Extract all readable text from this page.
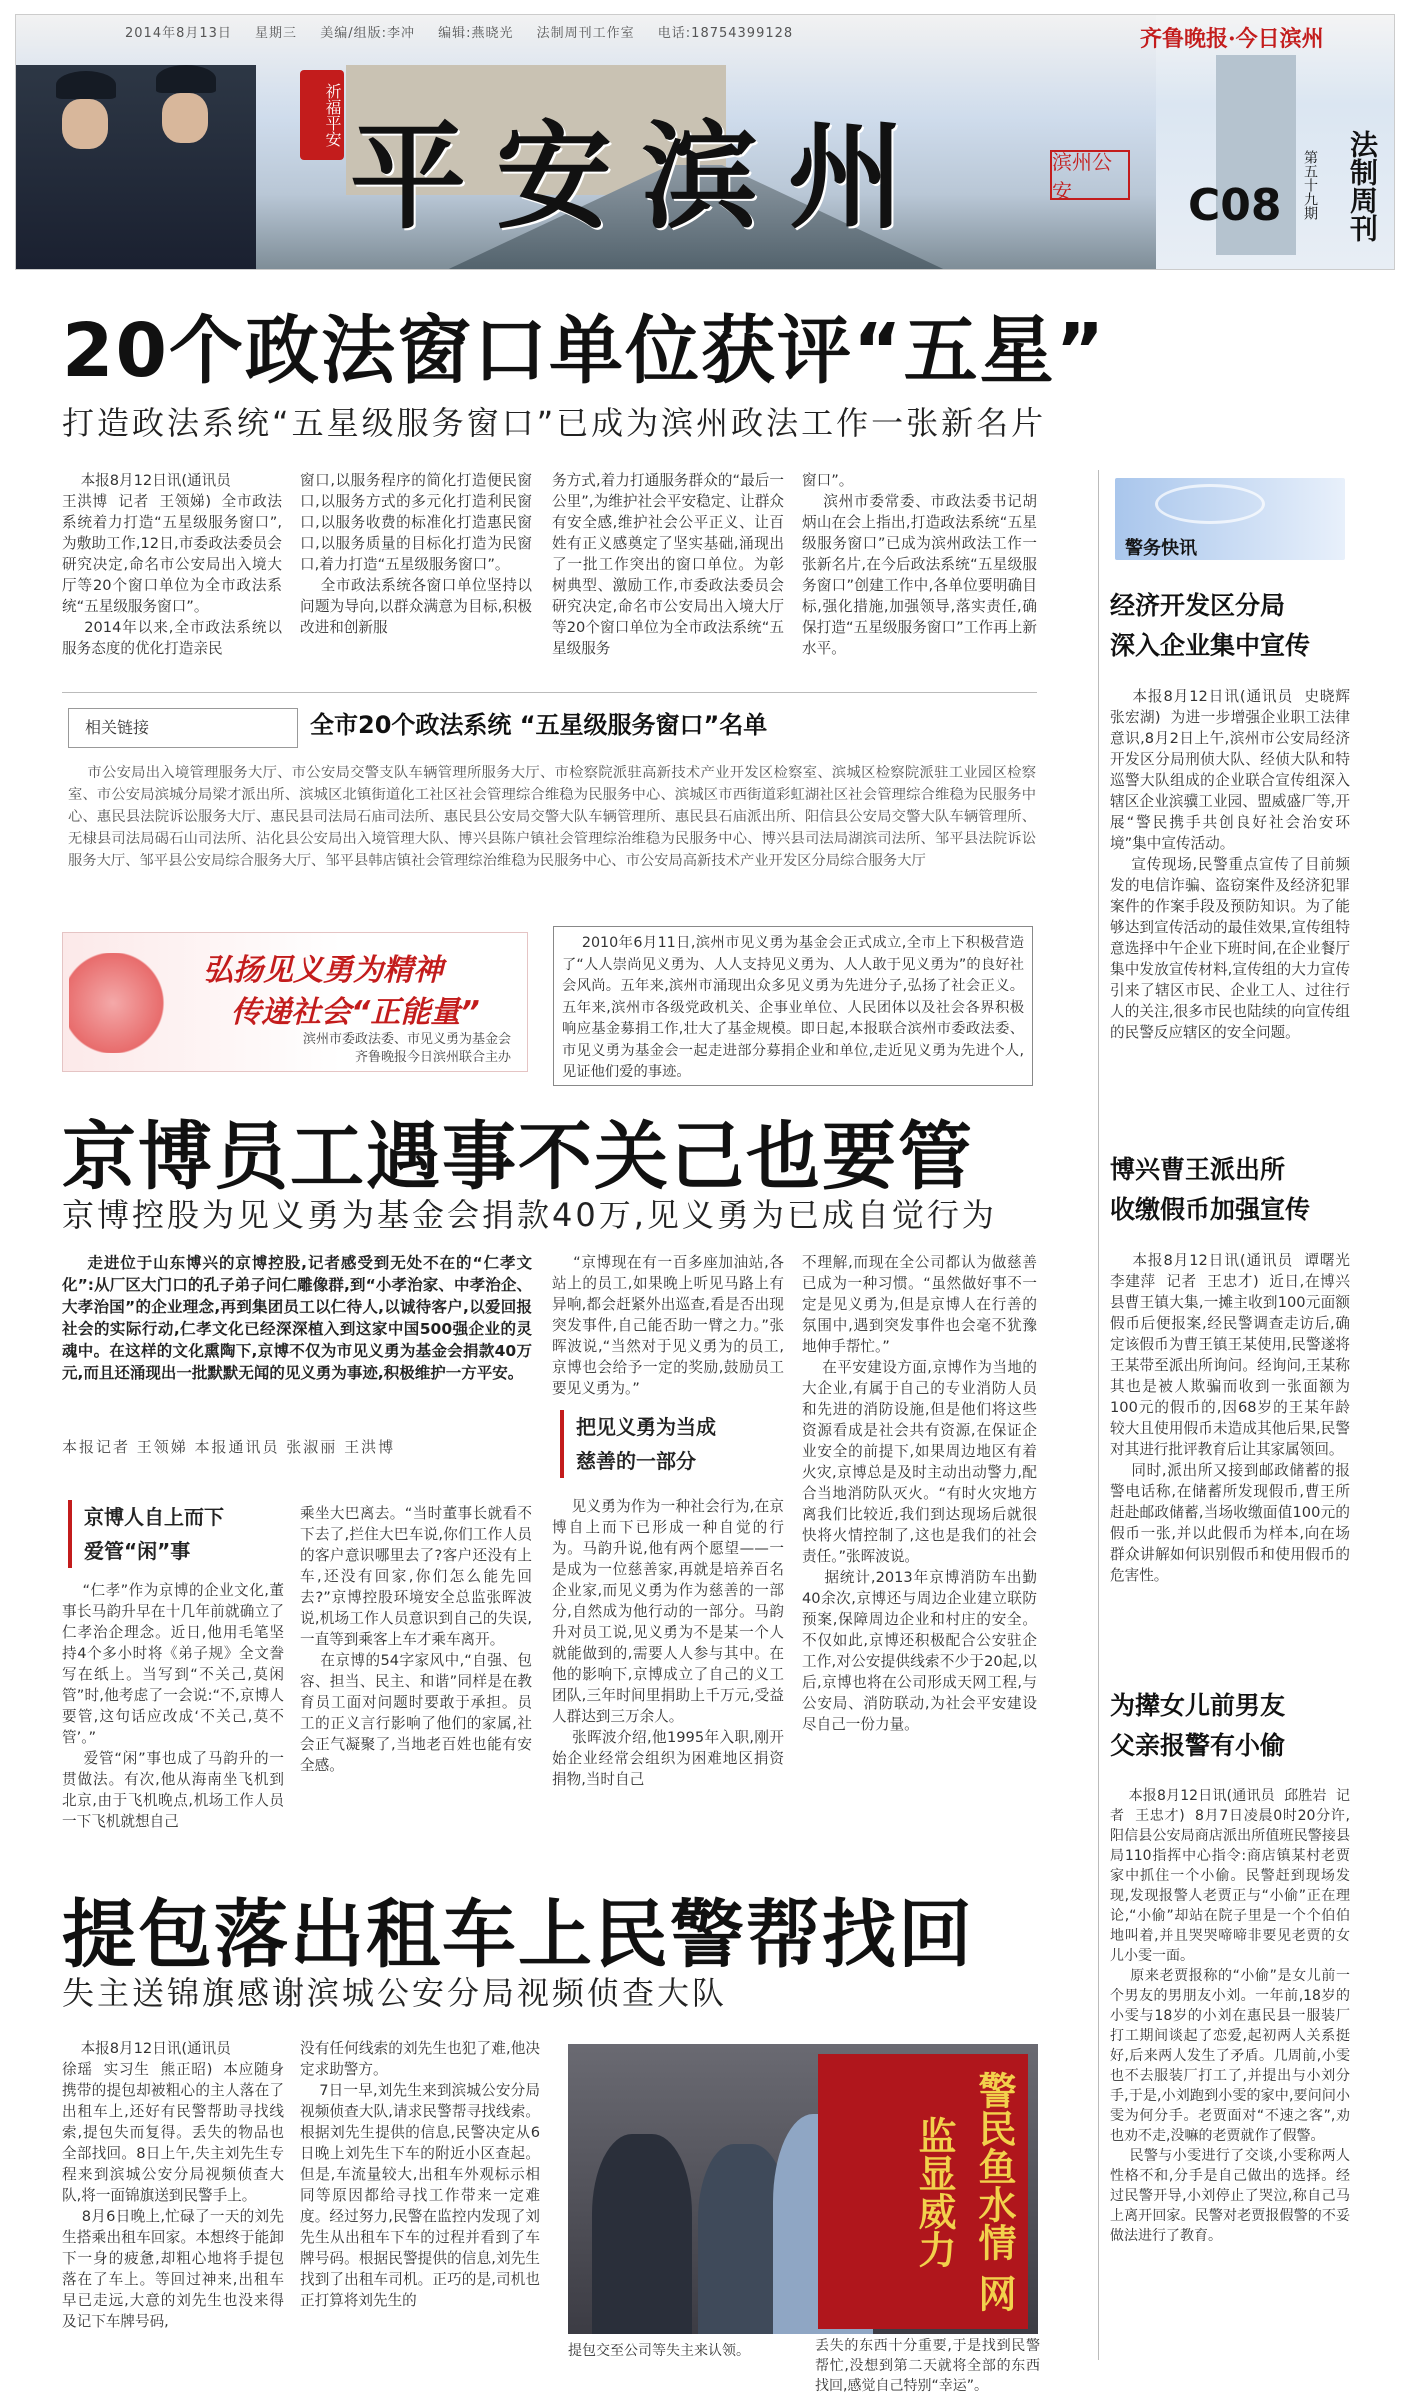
2014年8月13日 星期三 美编/组版:李冲 编辑:燕晓光 法制周刊工作室 电话:18754399128
祈福平安 平安滨州	滨州公安
齐鲁晚报·今日滨州
C08 第五十九期	法制周刊
20个政法窗口单位获评“五星”
打造政法系统“五星级服务窗口”已成为滨州政法工作一张新名片
本报8月12日讯(通讯员
王洪博  记者  王领娣)  全市政法系统着力打造“五星级服务窗口”,为敷助工作,12日,市委政法委员会研究决定,命名市公安局出入境大厅等20个窗口单位为全市政法系统“五星级服务窗口”。
2014年以来,全市政法系统以服务态度的优化打造亲民
窗口,以服务程序的简化打造便民窗口,以服务方式的多元化打造利民窗口,以服务收费的标准化打造惠民窗口,以服务质量的目标化打造为民窗口,着力打造“五星级服务窗口”。
全市政法系统各窗口单位坚持以问题为导向,以群众满意为目标,积极改进和创新服
务方式,着力打通服务群众的“最后一公里”,为维护社会平安稳定、让群众有安全感,维护社会公平正义、让百姓有正义感奠定了坚实基础,涌现出了一批工作突出的窗口单位。为彰树典型、激励工作,市委政法委员会研究决定,命名市公安局出入境大厅等20个窗口单位为全市政法系统“五星级服务
窗口”。
滨州市委常委、市政法委书记胡炳山在会上指出,打造政法系统“五星级服务窗口”已成为滨州政法工作一张新名片,在今后政法系统“五星级服务窗口”创建工作中,各单位要明确目标,强化措施,加强领导,落实责任,确保打造“五星级服务窗口”工作再上新水平。
相关链接	全市20个政法系统 “五星级服务窗口”名单
市公安局出入境管理服务大厅、市公安局交警支队车辆管理所服务大厅、市检察院派驻高新技术产业开发区检察室、滨城区检察院派驻工业园区检察室、市公安局滨城分局梁才派出所、滨城区北镇街道化工社区社会管理综合维稳为民服务中心、滨城区市西街道彩虹湖社区社会管理综合维稳为民服务中心、惠民县法院诉讼服务大厅、惠民县司法局石庙司法所、惠民县公安局交警大队车辆管理所、惠民县石庙派出所、阳信县公安局交警大队车辆管理所、无棣县司法局碣石山司法所、沾化县公安局出入境管理大队、博兴县陈户镇社会管理综治维稳为民服务中心、博兴县司法局湖滨司法所、邹平县法院诉讼服务大厅、邹平县公安局综合服务大厅、邹平县韩店镇社会管理综治维稳为民服务中心、市公安局高新技术产业开发区分局综合服务大厅
弘扬见义勇为精神
传递社会“正能量”
滨州市委政法委、市见义勇为基金会
齐鲁晚报今日滨州联合主办
2010年6月11日,滨州市见义勇为基金会正式成立,全市上下积极营造了“人人崇尚见义勇为、人人支持见义勇为、人人敢于见义勇为”的良好社会风尚。五年来,滨州市涌现出众多见义勇为先进分子,弘扬了社会正义。五年来,滨州市各级党政机关、企事业单位、人民团体以及社会各界积极响应基金募捐工作,壮大了基金规模。即日起,本报联合滨州市委政法委、市见义勇为基金会一起走进部分募捐企业和单位,走近见义勇为先进个人,见证他们爱的事迹。
京博员工遇事不关己也要管
京博控股为见义勇为基金会捐款40万,见义勇为已成自觉行为
走进位于山东博兴的京博控股,记者感受到无处不在的“仁孝文化”:从厂区大门口的孔子弟子问仁雕像群,到“小孝治家、中孝治企、大孝治国”的企业理念,再到集团员工以仁待人,以诚待客户,以爱回报社会的实际行动,仁孝文化已经深深植入到这家中国500强企业的灵魂中。在这样的文化熏陶下,京博不仅为市见义勇为基金会捐款40万元,而且还涌现出一批默默无闻的见义勇为事迹,积极维护一方平安。
本报记者 王领娣 本报通讯员 张淑丽 王洪博
京博人自上而下
爱管“闲”事
“仁孝”作为京博的企业文化,董事长马韵升早在十几年前就确立了仁孝治企理念。近日,他用毛笔坚持4个多小时将《弟子规》全文誊写在纸上。当写到“不关己,莫闲管”时,他考虑了一会说:“不,京博人要管,这句话应改成‘不关己,莫不管’。”
爱管“闲”事也成了马韵升的一贯做法。有次,他从海南坐飞机到北京,由于飞机晚点,机场工作人员一下飞机就想自己
乘坐大巴离去。“当时董事长就看不下去了,拦住大巴车说,你们工作人员的客户意识哪里去了?客户还没有上车,还没有回家,你们怎么能先回去?”京博控股环境安全总监张晖波说,机场工作人员意识到自己的失误,一直等到乘客上车才乘车离开。
在京博的54字家风中,“自强、包容、担当、民主、和谐”同样是在教育员工面对问题时要敢于承担。员工的正义言行影响了他们的家属,社会正气凝聚了,当地老百姓也能有安全感。
“京博现在有一百多座加油站,各站上的员工,如果晚上听见马路上有异响,都会赶紧外出巡查,看是否出现突发事件,自己能否助一臂之力。”张晖波说,“当然对于见义勇为的员工,京博也会给予一定的奖励,鼓励员工要见义勇为。”
把见义勇为当成
慈善的一部分
见义勇为作为一种社会行为,在京博自上而下已形成一种自觉的行为。马韵升说,他有两个愿望——一是成为一位慈善家,再就是培养百名企业家,而见义勇为作为慈善的一部分,自然成为他行动的一部分。马韵升对员工说,见义勇为不是某一个人就能做到的,需要人人参与其中。在他的影响下,京博成立了自己的义工团队,三年时间里捐助上千万元,受益人群达到三万余人。
张晖波介绍,他1995年入职,刚开始企业经常会组织为困难地区捐资捐物,当时自己
不理解,而现在全公司都认为做慈善已成为一种习惯。“虽然做好事不一定是见义勇为,但是京博人在行善的氛围中,遇到突发事件也会毫不犹豫地伸手帮忙。”
在平安建设方面,京博作为当地的大企业,有属于自己的专业消防人员和先进的消防设施,但是他们将这些资源看成是社会共有资源,在保证企业安全的前提下,如果周边地区有着火灾,京博总是及时主动出动警力,配合当地消防队灭火。“有时火灾地方离我们比较近,我们到达现场后就很快将火情控制了,这也是我们的社会责任。”张晖波说。
据统计,2013年京博消防车出勤40余次,京博还与周边企业建立联防预案,保障周边企业和村庄的安全。不仅如此,京博还积极配合公安驻企工作,对公安提供线索不少于20起,以后,京博也将在公司形成天网工程,与公安局、消防联动,为社会平安建设尽自己一份力量。
提包落出租车上民警帮找回
失主送锦旗感谢滨城公安分局视频侦查大队
本报8月12日讯(通讯员
徐瑶  实习生  熊正昭)  本应随身携带的提包却被粗心的主人落在了出租车上,还好有民警帮助寻找线索,提包失而复得。丢失的物品也全部找回。8日上午,失主刘先生专程来到滨城公安分局视频侦查大队,将一面锦旗送到民警手上。
8月6日晚上,忙碌了一天的刘先生搭乘出租车回家。本想终于能卸下一身的疲惫,却粗心地将手提包落在了车上。等回过神来,出租车早已走远,大意的刘先生也没来得及记下车牌号码,
没有任何线索的刘先生也犯了难,他决定求助警方。
7日一早,刘先生来到滨城公安分局视频侦查大队,请求民警帮寻找线索。根据刘先生提供的信息,民警决定从6日晚上刘先生下车的附近小区查起。但是,车流量较大,出租车外观标示相同等原因都给寻找工作带来一定难度。经过努力,民警在监控内发现了刘先生从出租车下车的过程并看到了车牌号码。根据民警提供的信息,刘先生找到了出租车司机。正巧的是,司机也正打算将刘先生的	警民鱼水情 网监显威力
提包交至公司等失主来认领。	丢失的东西十分重要,于是找到民警帮忙,没想到第二天就将全部的东西找回,感觉自己特别“幸运”。
警务快讯
经济开发区分局
深入企业集中宣传
本报8月12日讯(通讯员  史晓辉  张宏湖)  为进一步增强企业职工法律意识,8月2日上午,滨州市公安局经济开发区分局刑侦大队、经侦大队和特巡警大队组成的企业联合宣传组深入辖区企业滨骥工业园、盟威盛厂等,开展“警民携手共创良好社会治安环境”集中宣传活动。
宣传现场,民警重点宣传了目前频发的电信诈骗、盗窃案件及经济犯罪案件的作案手段及预防知识。为了能够达到宣传活动的最佳效果,宣传组特意选择中午企业下班时间,在企业餐厅集中发放宣传材料,宣传组的大力宣传引来了辖区市民、企业工人、过往行人的关注,很多市民也陆续的向宣传组的民警反应辖区的安全问题。
博兴曹王派出所
收缴假币加强宣传
本报8月12日讯(通讯员  谭曙光  李建萍  记者  王忠才)  近日,在博兴县曹王镇大集,一摊主收到100元面额假币后便报案,经民警调查走访后,确定该假币为曹王镇王某使用,民警遂将王某带至派出所询问。经询问,王某称其也是被人欺骗而收到一张面额为100元的假币的,因68岁的王某年龄较大且使用假币未造成其他后果,民警对其进行批评教育后让其家属领回。
同时,派出所又接到邮政储蓄的报警电话称,在储蓄所发现假币,曹王所赶赴邮政储蓄,当场收缴面值100元的假币一张,并以此假币为样本,向在场群众讲解如何识别假币和使用假币的危害性。
为撵女儿前男友
父亲报警有小偷
本报8月12日讯(通讯员  邱胜岩  记者  王忠才)  8月7日凌晨0时20分许,阳信县公安局商店派出所值班民警接县局110指挥中心指令:商店镇某村老贾家中抓住一个小偷。民警赶到现场发现,发现报警人老贾正与“小偷”正在理论,“小偷”却站在院子里是一个个伯伯地叫着,并且哭哭啼啼非要见老贾的女儿小雯一面。
原来老贾报称的“小偷”是女儿前一个男友的男朋友小刘。一年前,18岁的小雯与18岁的小刘在惠民县一服装厂打工期间谈起了恋爱,起初两人关系挺好,后来两人发生了矛盾。几周前,小雯也不去服装厂打工了,并提出与小刘分手,于是,小刘跑到小雯的家中,要问问小雯为何分手。老贾面对“不速之客”,劝也劝不走,没嘛的老贾就作了假警。
民警与小雯进行了交谈,小雯称两人性格不和,分手是自己做出的选择。经过民警开导,小刘停止了哭泣,称自己马上离开回家。民警对老贾报假警的不妥做法进行了教育。
